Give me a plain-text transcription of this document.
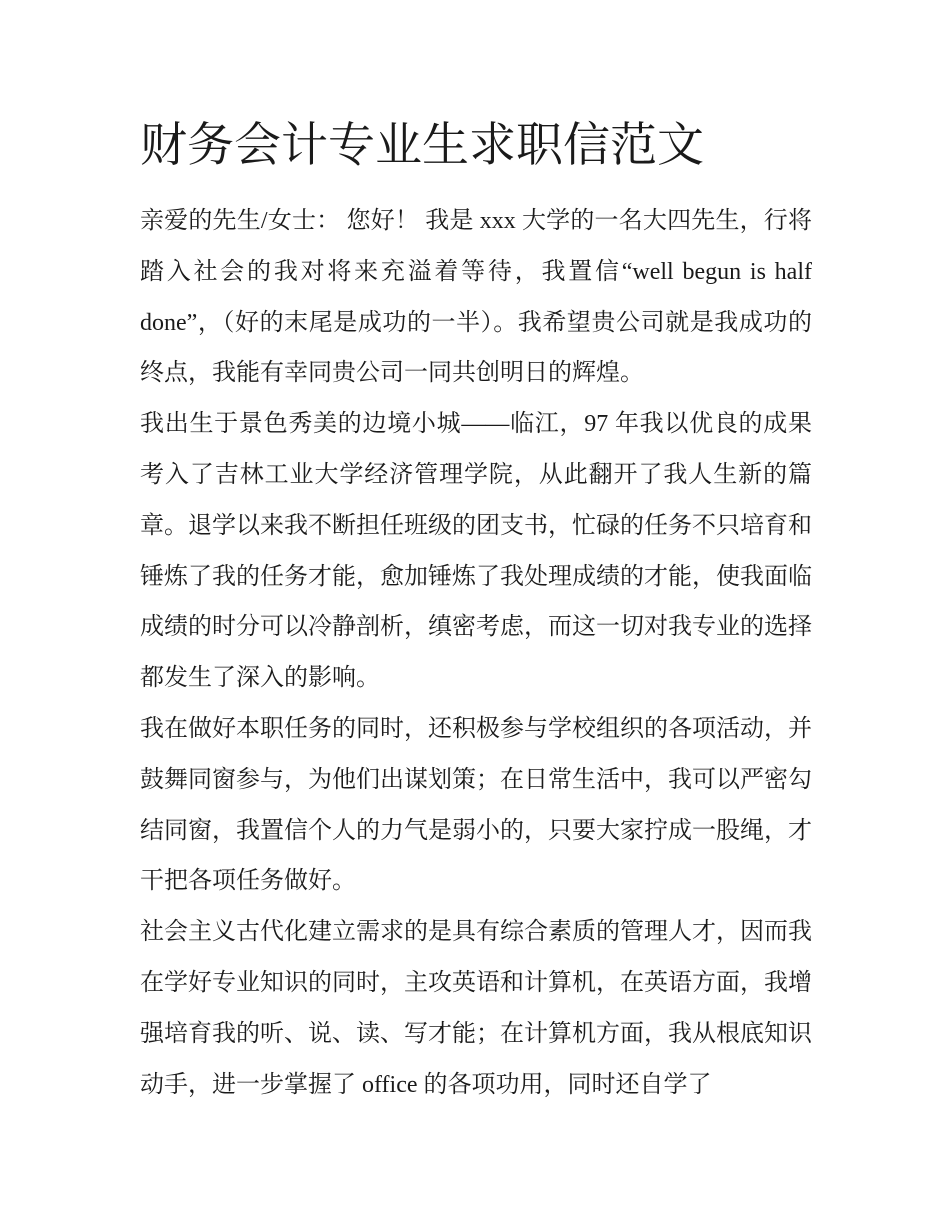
财务会计专业生求职信范文

亲爱的先生/女士： 您好！ 我是 xxx 大学的一名大四先生，行将踏入社会的我对将来充溢着等待，我置信“well begun is half done”，（好的末尾是成功的一半）。我希望贵公司就是我成功的终点，我能有幸同贵公司一同共创明日的辉煌。

我出生于景色秀美的边境小城——临江，97 年我以优良的成果考入了吉林工业大学经济管理学院，从此翻开了我人生新的篇章。退学以来我不断担任班级的团支书，忙碌的任务不只培育和锤炼了我的任务才能，愈加锤炼了我处理成绩的才能，使我面临成绩的时分可以冷静剖析，缜密考虑，而这一切对我专业的选择都发生了深入的影响。

我在做好本职任务的同时，还积极参与学校组织的各项活动，并鼓舞同窗参与，为他们出谋划策；在日常生活中，我可以严密勾结同窗，我置信个人的力气是弱小的，只要大家拧成一股绳，才干把各项任务做好。

社会主义古代化建立需求的是具有综合素质的管理人才，因而我在学好专业知识的同时，主攻英语和计算机，在英语方面，我增强培育我的听、说、读、写才能；在计算机方面，我从根底知识动手，进一步掌握了 office 的各项功用，同时还自学了
